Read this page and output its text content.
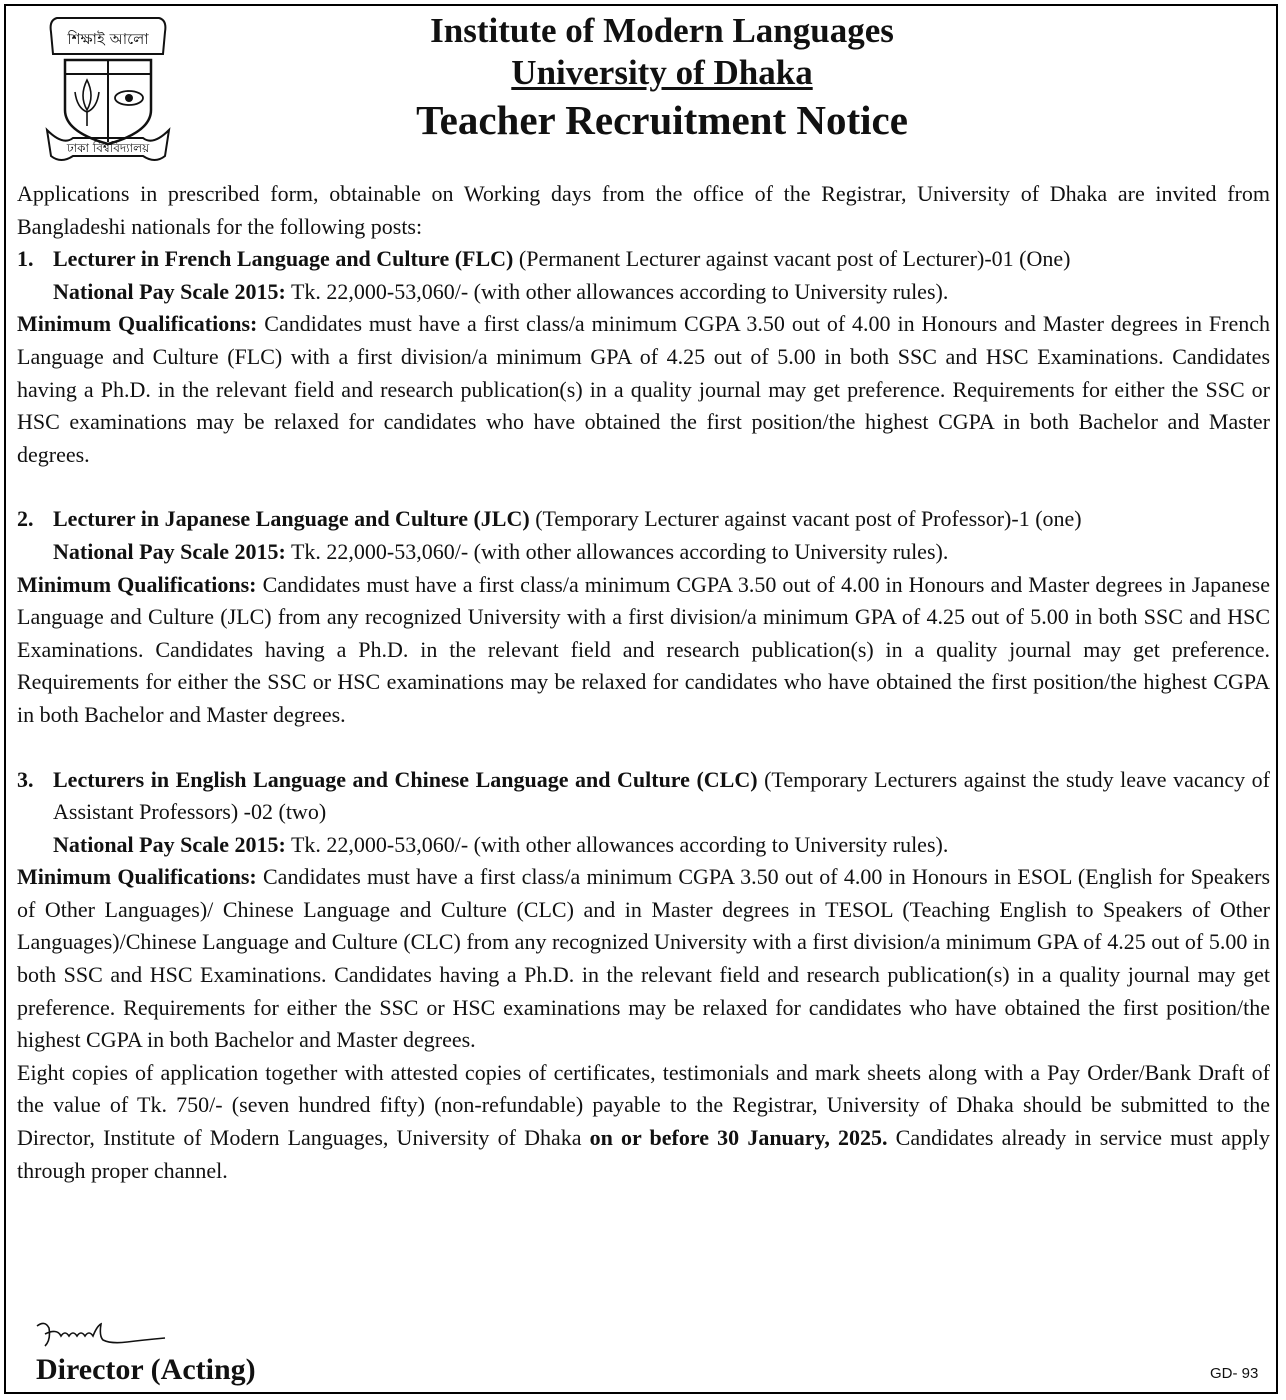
শিক্ষাই আলো
ঢাকা বিশ্ববিদ্যালয়

Institute of Modern Languages

University of Dhaka

Teacher Recruitment Notice

Applications in prescribed form, obtainable on Working days from the office of the Registrar, University of Dhaka are invited from Bangladeshi nationals for the following posts:

1. Lecturer in French Language and Culture (FLC) (Permanent Lecturer against vacant post of Lecturer)-01 (One)

National Pay Scale 2015: Tk. 22,000-53,060/- (with other allowances according to University rules).

Minimum Qualifications: Candidates must have a first class/a minimum CGPA 3.50 out of 4.00 in Honours and Master degrees in French Language and Culture (FLC) with a first division/a minimum GPA of 4.25 out of 5.00 in both SSC and HSC Examinations. Candidates having a Ph.D. in the relevant field and research publication(s) in a quality journal may get preference. Requirements for either the SSC or HSC examinations may be relaxed for candidates who have obtained the first position/the highest CGPA in both Bachelor and Master degrees.

2. Lecturer in Japanese Language and Culture (JLC) (Temporary Lecturer against vacant post of Professor)-1 (one)

National Pay Scale 2015: Tk. 22,000-53,060/- (with other allowances according to University rules).

Minimum Qualifications: Candidates must have a first class/a minimum CGPA 3.50 out of 4.00 in Honours and Master degrees in Japanese Language and Culture (JLC) from any recognized University with a first division/a minimum GPA of 4.25 out of 5.00 in both SSC and HSC Examinations. Candidates having a Ph.D. in the relevant field and research publication(s) in a quality journal may get preference. Requirements for either the SSC or HSC examinations may be relaxed for candidates who have obtained the first position/the highest CGPA in both Bachelor and Master degrees.

3. Lecturers in English Language and Chinese Language and Culture (CLC) (Temporary Lecturers against the study leave vacancy of Assistant Professors) -02 (two)

National Pay Scale 2015: Tk. 22,000-53,060/- (with other allowances according to University rules).

Minimum Qualifications: Candidates must have a first class/a minimum CGPA 3.50 out of 4.00 in Honours in ESOL (English for Speakers of Other Languages)/ Chinese Language and Culture (CLC) and in Master degrees in TESOL (Teaching English to Speakers of Other Languages)/Chinese Language and Culture (CLC) from any recognized University with a first division/a minimum GPA of 4.25 out of 5.00 in both SSC and HSC Examinations. Candidates having a Ph.D. in the relevant field and research publication(s) in a quality journal may get preference. Requirements for either the SSC or HSC examinations may be relaxed for candidates who have obtained the first position/the highest CGPA in both Bachelor and Master degrees.

Eight copies of application together with attested copies of certificates, testimonials and mark sheets along with a Pay Order/Bank Draft of the value of Tk. 750/- (seven hundred fifty) (non-refundable) payable to the Registrar, University of Dhaka should be submitted to the Director, Institute of Modern Languages, University of Dhaka on or before 30 January, 2025. Candidates already in service must apply through proper channel.

Director (Acting)	GD- 93
